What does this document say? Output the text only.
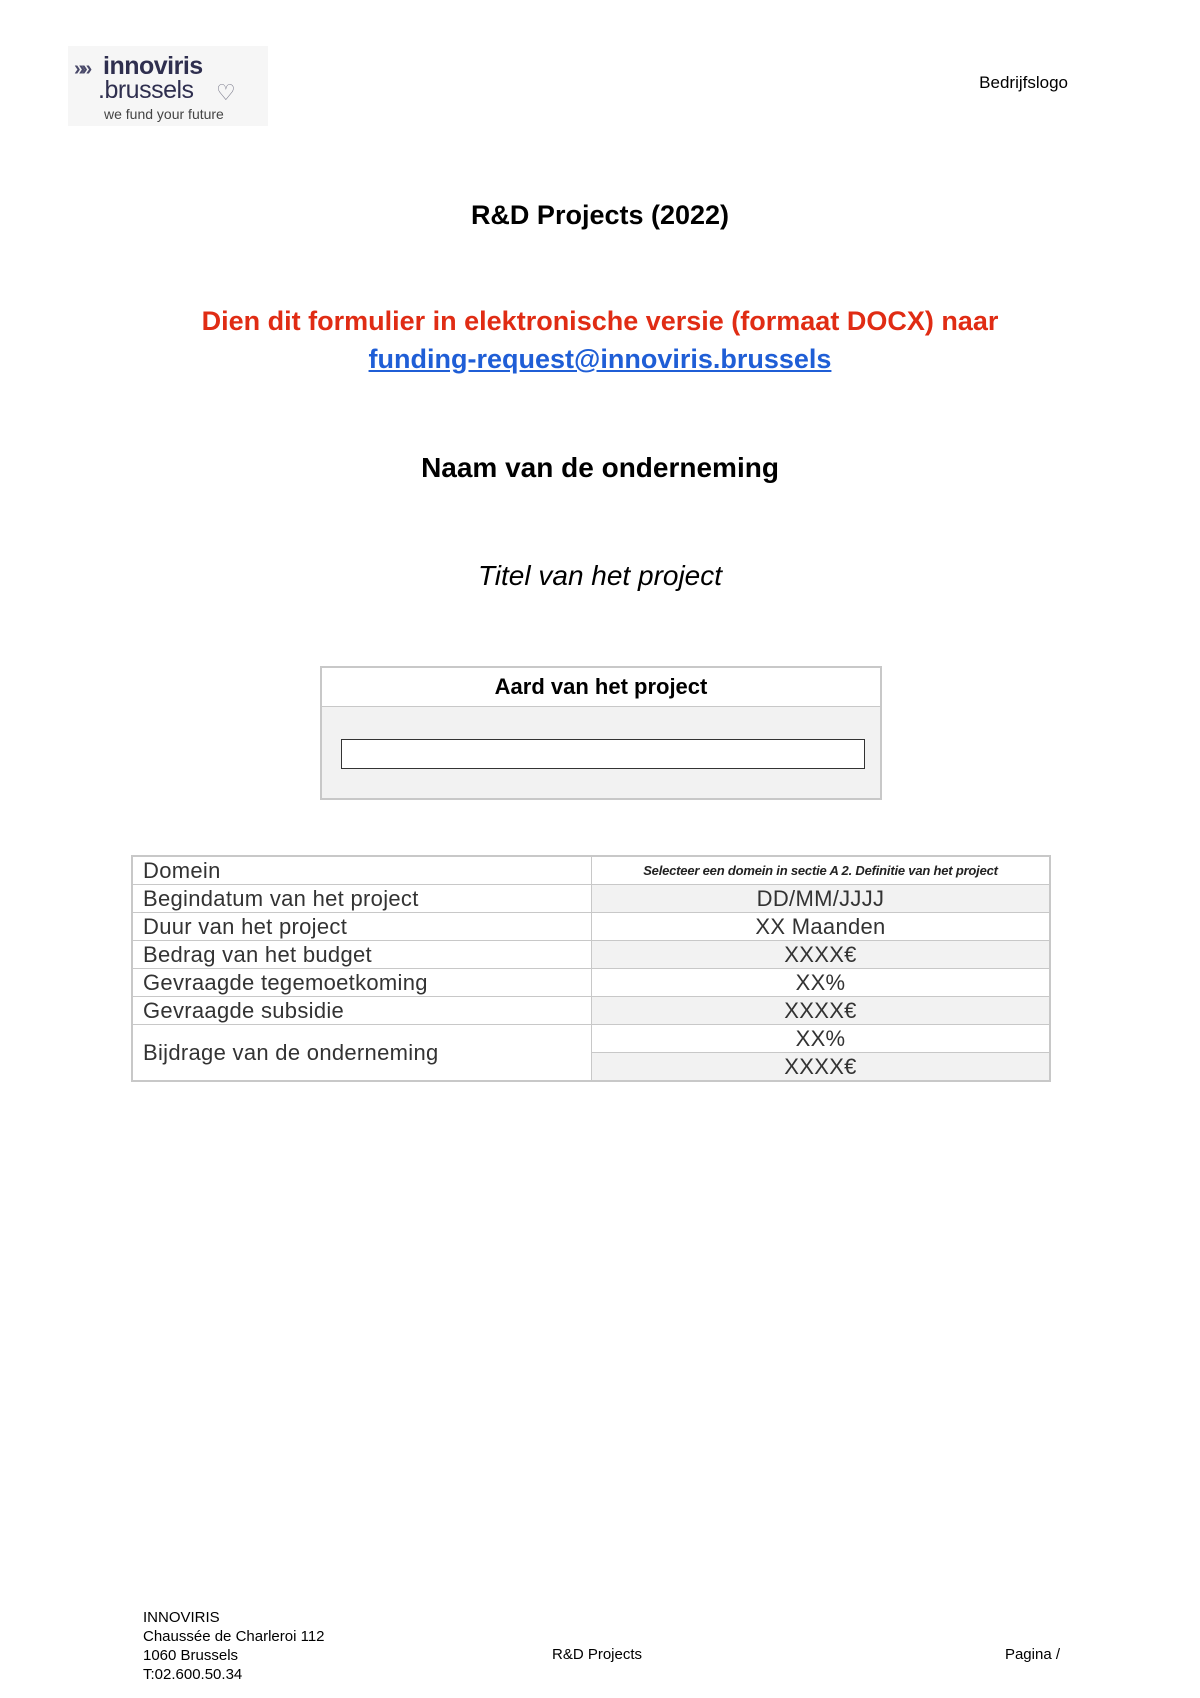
»» innoviris
.brussels ♡
we fund your future
Bedrijfslogo
R&D Projects (2022)
Dien dit formulier in elektronische versie (formaat DOCX) naar
funding-request@innoviris.brussels
Naam van de onderneming
Titel van het project
Aard van het project
Domein	Selecteer een domein in sectie A 2. Definitie van het project
Begindatum van het project	DD/MM/JJJJ
Duur van het project	XX Maanden
Bedrag van het budget	XXXX€
Gevraagde tegemoetkoming	XX%
Gevraagde subsidie	XXXX€
Bijdrage van de onderneming	XX%
	XXXX€
INNOVIRIS
Chaussée de Charleroi 112
1060 Brussels
T:02.600.50.34
R&D Projects	Pagina /
